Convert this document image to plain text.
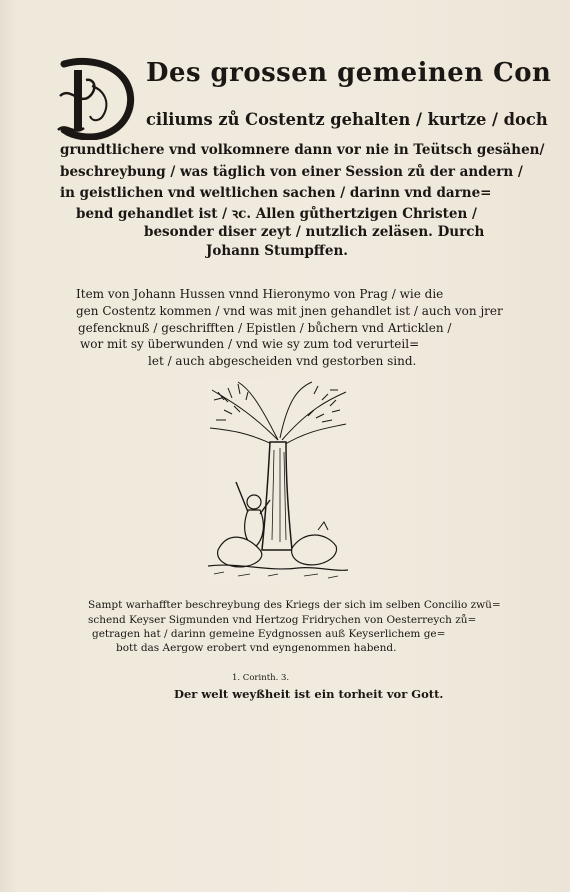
Des grossen gemeinen Con
ciliums zů Costentz gehalten / kurtze / doch
grundtlichere vnd volkomnere dann vor nie in Teütsch gesähen/
beschreybung / was täglich von einer Session zů der andern /
in geistlichen vnd weltlichen sachen / darinn vnd darne=
bend gehandlet ist / ꝛc. Allen gůthertzigen Christen /
besonder diser zeyt / nutzlich zeläsen. Durch
Johann Stumpffen.
Item von Johann Hussen vnnd Hieronymo von Prag / wie die
gen Costentz kommen / vnd was mit jnen gehandlet ist / auch von jrer
gefencknuß / geschrifften / Epistlen / bůchern vnd Articklen /
wor mit sy überwunden / vnd wie sy zum tod verurteil=
let / auch abgescheiden vnd gestorben sind.
Sampt warhaffter beschreybung des Kriegs der sich im selben Concilio zwü=
schend Keyser Sigmunden vnd Hertzog Fridrychen von Oesterreych zů=
getragen hat / darinn gemeine Eydgnossen auß Keyserlichem ge=
bott das Aergow erobert vnd eyngenommen habend.
1. Corinth. 3.
Der welt weyßheit ist ein torheit vor Gott.
